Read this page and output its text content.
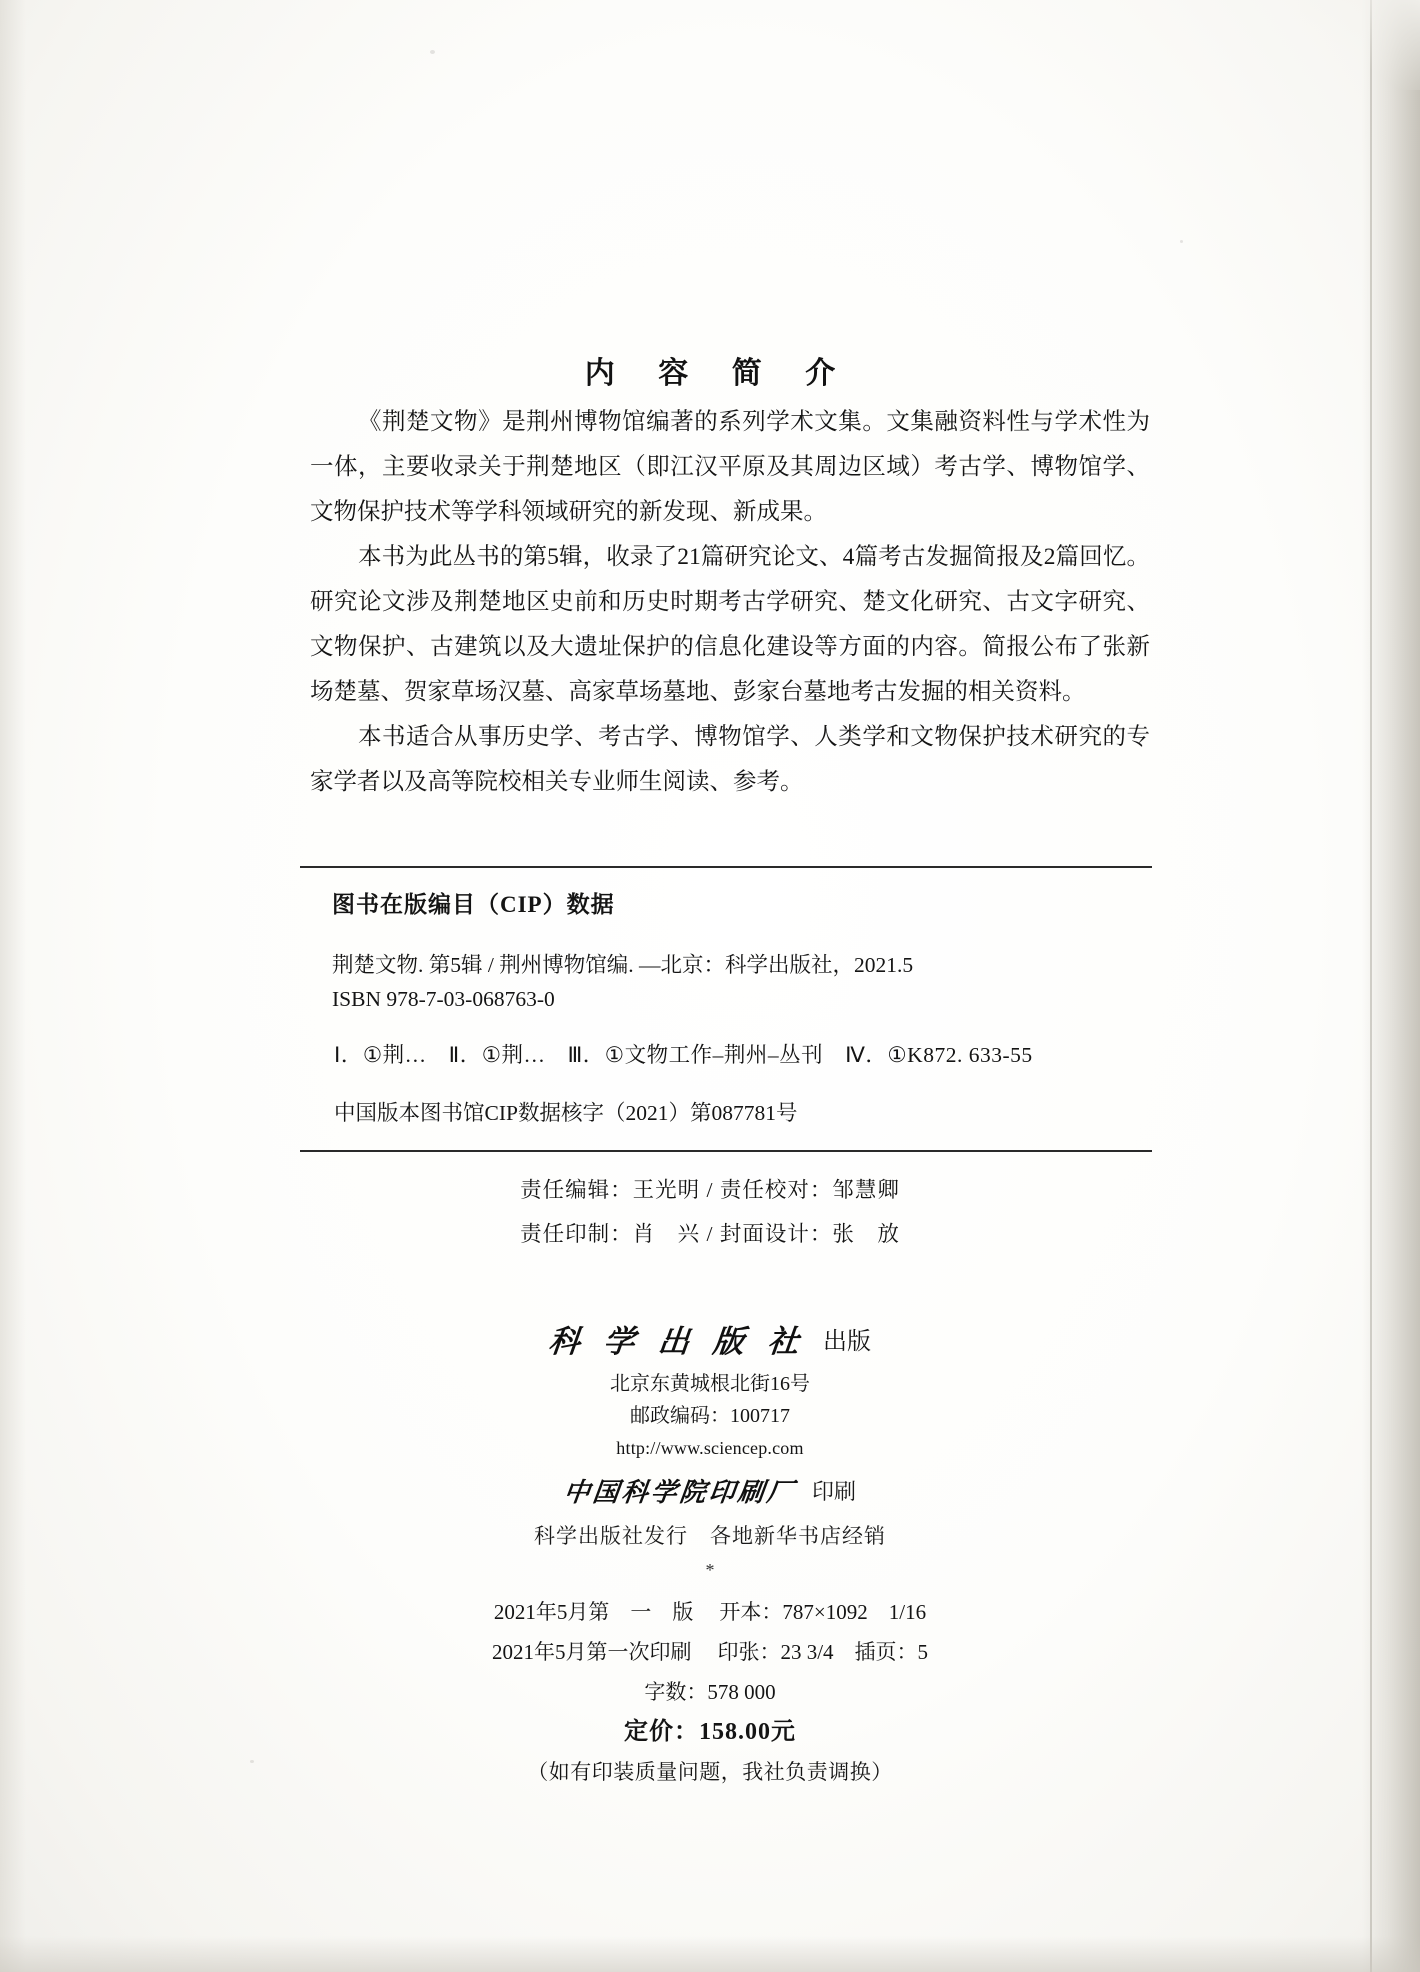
内 容 简 介

《荆楚文物》是荆州博物馆编著的系列学术文集。文集融资料性与学术性为一体，主要收录关于荆楚地区（即江汉平原及其周边区域）考古学、博物馆学、文物保护技术等学科领域研究的新发现、新成果。

本书为此丛书的第5辑，收录了21篇研究论文、4篇考古发掘简报及2篇回忆。研究论文涉及荆楚地区史前和历史时期考古学研究、楚文化研究、古文字研究、文物保护、古建筑以及大遗址保护的信息化建设等方面的内容。简报公布了张新场楚墓、贺家草场汉墓、高家草场墓地、彭家台墓地考古发掘的相关资料。

本书适合从事历史学、考古学、博物馆学、人类学和文物保护技术研究的专家学者以及高等院校相关专业师生阅读、参考。

图书在版编目（CIP）数据
荆楚文物. 第5辑 / 荆州博物馆编. —北京：科学出版社，2021.5
ISBN 978-7-03-068763-0
Ⅰ．①荆…　Ⅱ．①荆…　Ⅲ．①文物工作–荆州–丛刊　Ⅳ．①K872. 633-55
中国版本图书馆CIP数据核字（2021）第087781号
责任编辑：王光明 / 责任校对：邹慧卿
责任印制：肖　兴 / 封面设计：张　放
科 学 出 版 社 出版
北京东黄城根北街16号
邮政编码：100717
http://www.sciencep.com
中国科学院印刷厂 印刷
科学出版社发行　各地新华书店经销
*
2021年5月第　一　版 开本：787×1092　1/16
2021年5月第一次印刷 印张：23 3/4　插页：5
字数：578 000
定价：158.00元
（如有印装质量问题，我社负责调换）
